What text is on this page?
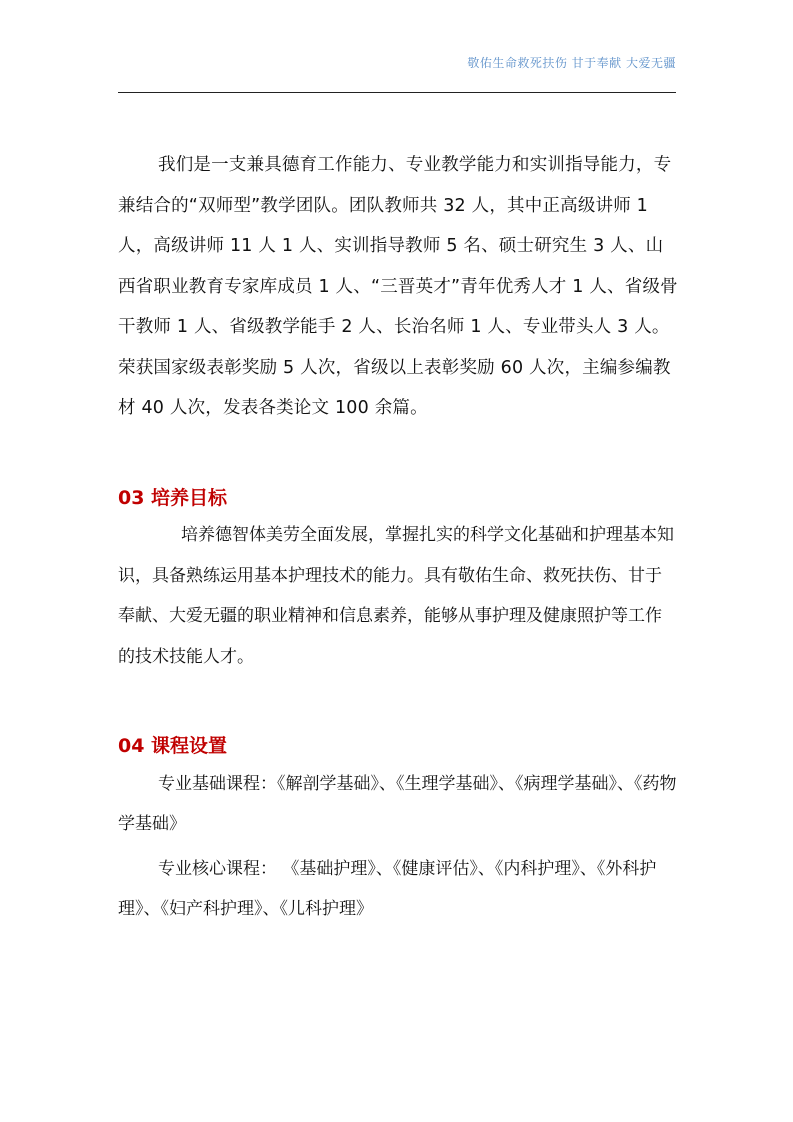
敬佑生命救死扶伤 甘于奉献 大爱无疆

我们是一支兼具德育工作能力、专业教学能力和实训指导能力，专兼结合的“双师型”教学团队。团队教师共 32 人，其中正高级讲师 1 人，高级讲师 11 人 1 人、实训指导教师 5 名、硕士研究生 3 人、山西省职业教育专家库成员 1 人、“三晋英才”青年优秀人才 1 人、省级骨干教师 1 人、省级教学能手 2 人、长治名师 1 人、专业带头人 3 人。荣获国家级表彰奖励 5 人次，省级以上表彰奖励 60 人次，主编参编教材 40 人次，发表各类论文 100 余篇。

03 培养目标

培养德智体美劳全面发展，掌握扎实的科学文化基础和护理基本知识，具备熟练运用基本护理技术的能力。具有敬佑生命、救死扶伤、甘于奉献、大爱无疆的职业精神和信息素养，能够从事护理及健康照护等工作的技术技能人才。

04 课程设置

专业基础课程：《解剖学基础》、《生理学基础》、《病理学基础》、《药物学基础》

专业核心课程： 《基础护理》、《健康评估》、《内科护理》、《外科护理》、《妇产科护理》、《儿科护理》
